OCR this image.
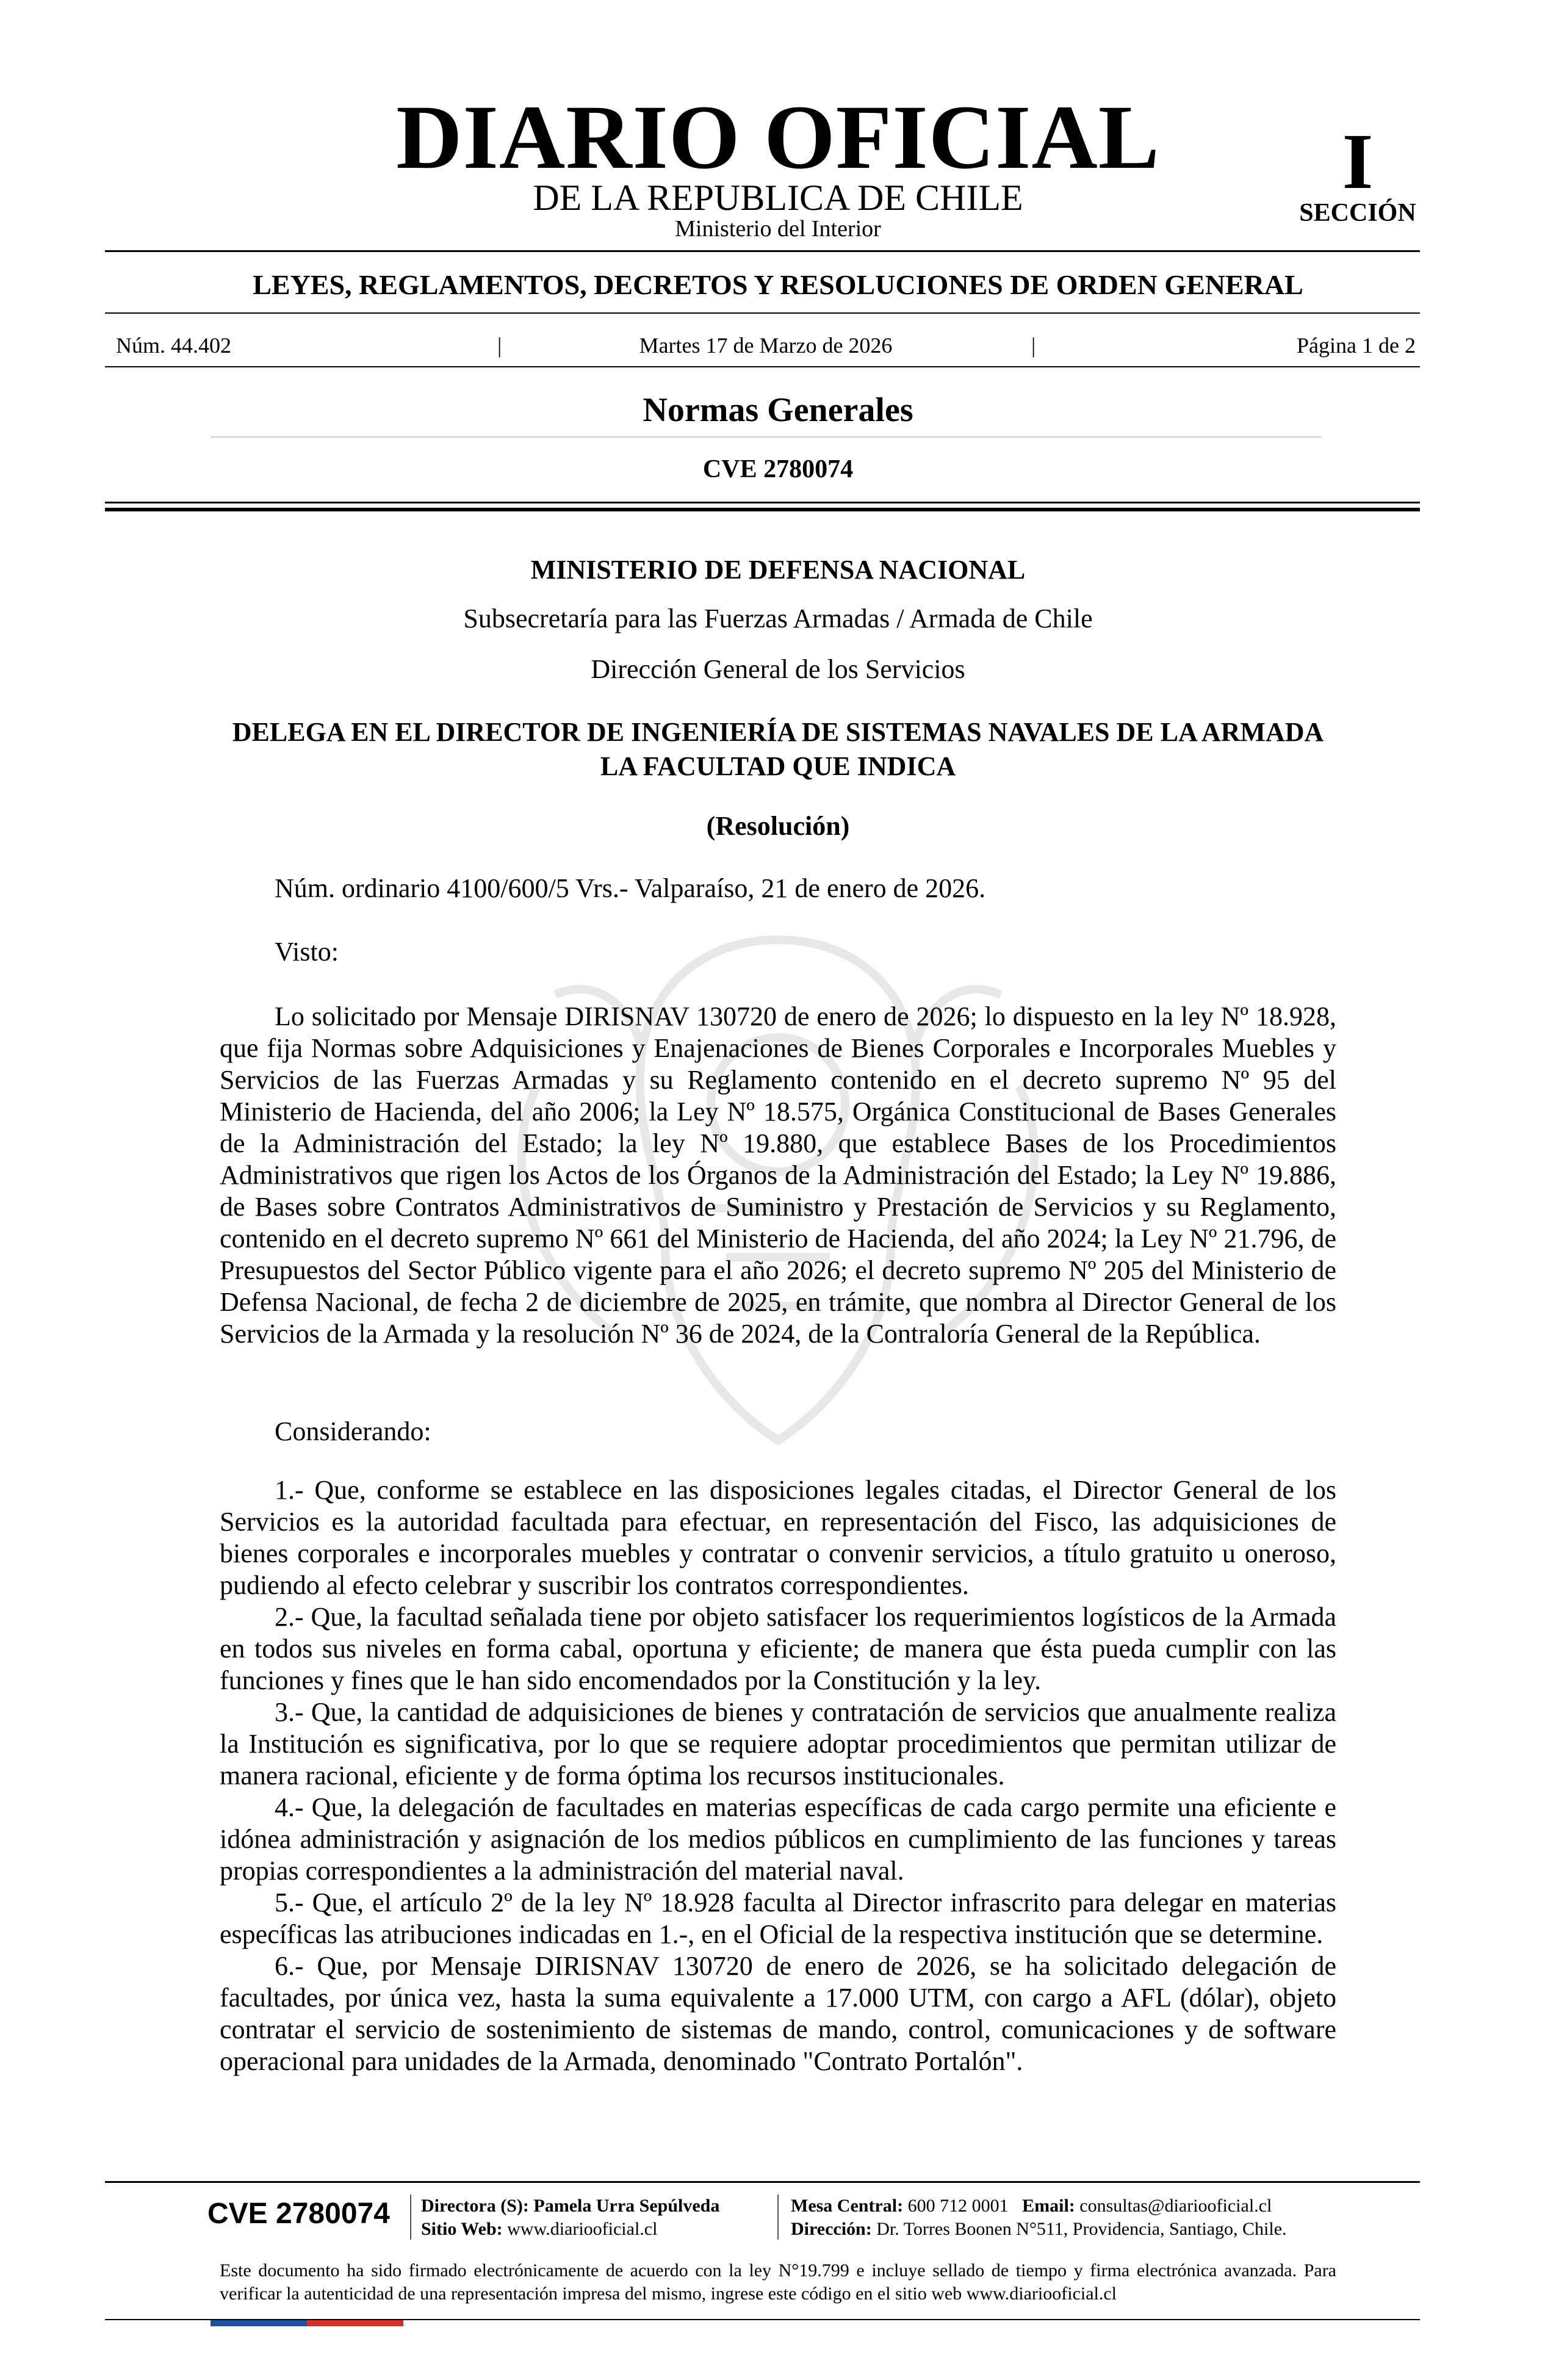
DIARIO OFICIAL
DE LA REPUBLICA DE CHILE
Ministerio del Interior
I
SECCIÓN
LEYES, REGLAMENTOS, DECRETOS Y RESOLUCIONES DE ORDEN GENERAL
Núm. 44.402	|	Martes 17 de Marzo de 2026	|	Página 1 de 2
Normas Generales
CVE 2780074
MINISTERIO DE DEFENSA NACIONAL
Subsecretaría para las Fuerzas Armadas / Armada de Chile
Dirección General de los Servicios
DELEGA EN EL DIRECTOR DE INGENIERÍA DE SISTEMAS NAVALES DE LA ARMADA LA FACULTAD QUE INDICA
(Resolución)
Núm. ordinario 4100/600/5 Vrs.- Valparaíso, 21 de enero de 2026.
Visto:

Lo solicitado por Mensaje DIRISNAV 130720 de enero de 2026; lo dispuesto en la ley Nº 18.928, que fija Normas sobre Adquisiciones y Enajenaciones de Bienes Corporales e Incorporales Muebles y Servicios de las Fuerzas Armadas y su Reglamento contenido en el decreto supremo Nº 95 del Ministerio de Hacienda, del año 2006; la Ley Nº 18.575, Orgánica Constitucional de Bases Generales de la Administración del Estado; la ley Nº 19.880, que establece Bases de los Procedimientos Administrativos que rigen los Actos de los Órganos de la Administración del Estado; la Ley Nº 19.886, de Bases sobre Contratos Administrativos de Suministro y Prestación de Servicios y su Reglamento, contenido en el decreto supremo Nº 661 del Ministerio de Hacienda, del año 2024; la Ley Nº 21.796, de Presupuestos del Sector Público vigente para el año 2026; el decreto supremo Nº 205 del Ministerio de Defensa Nacional, de fecha 2 de diciembre de 2025, en trámite, que nombra al Director General de los Servicios de la Armada y la resolución Nº 36 de 2024, de la Contraloría General de la República.

Considerando:

1.- Que, conforme se establece en las disposiciones legales citadas, el Director General de los Servicios es la autoridad facultada para efectuar, en representación del Fisco, las adquisiciones de bienes corporales e incorporales muebles y contratar o convenir servicios, a título gratuito u oneroso, pudiendo al efecto celebrar y suscribir los contratos correspondientes.

2.- Que, la facultad señalada tiene por objeto satisfacer los requerimientos logísticos de la Armada en todos sus niveles en forma cabal, oportuna y eficiente; de manera que ésta pueda cumplir con las funciones y fines que le han sido encomendados por la Constitución y la ley.

3.- Que, la cantidad de adquisiciones de bienes y contratación de servicios que anualmente realiza la Institución es significativa, por lo que se requiere adoptar procedimientos que permitan utilizar de manera racional, eficiente y de forma óptima los recursos institucionales.

4.- Que, la delegación de facultades en materias específicas de cada cargo permite una eficiente e idónea administración y asignación de los medios públicos en cumplimiento de las funciones y tareas propias correspondientes a la administración del material naval.

5.- Que, el artículo 2º de la ley Nº 18.928 faculta al Director infrascrito para delegar en materias específicas las atribuciones indicadas en 1.-, en el Oficial de la respectiva institución que se determine.

6.- Que, por Mensaje DIRISNAV 130720 de enero de 2026, se ha solicitado delegación de facultades, por única vez, hasta la suma equivalente a 17.000 UTM, con cargo a AFL (dólar), objeto contratar el servicio de sostenimiento de sistemas de mando, control, comunicaciones y de software operacional para unidades de la Armada, denominado "Contrato Portalón".

CVE 2780074 Directora (S): Pamela Urra Sepúlveda
Sitio Web: www.diariooficial.cl
Mesa Central: 600 712 0001 Email: consultas@diariooficial.cl
Dirección: Dr. Torres Boonen N°511, Providencia, Santiago, Chile.
Este documento ha sido firmado electrónicamente de acuerdo con la ley N°19.799 e incluye sellado de tiempo y firma electrónica avanzada. Para verificar la autenticidad de una representación impresa del mismo, ingrese este código en el sitio web www.diariooficial.cl
